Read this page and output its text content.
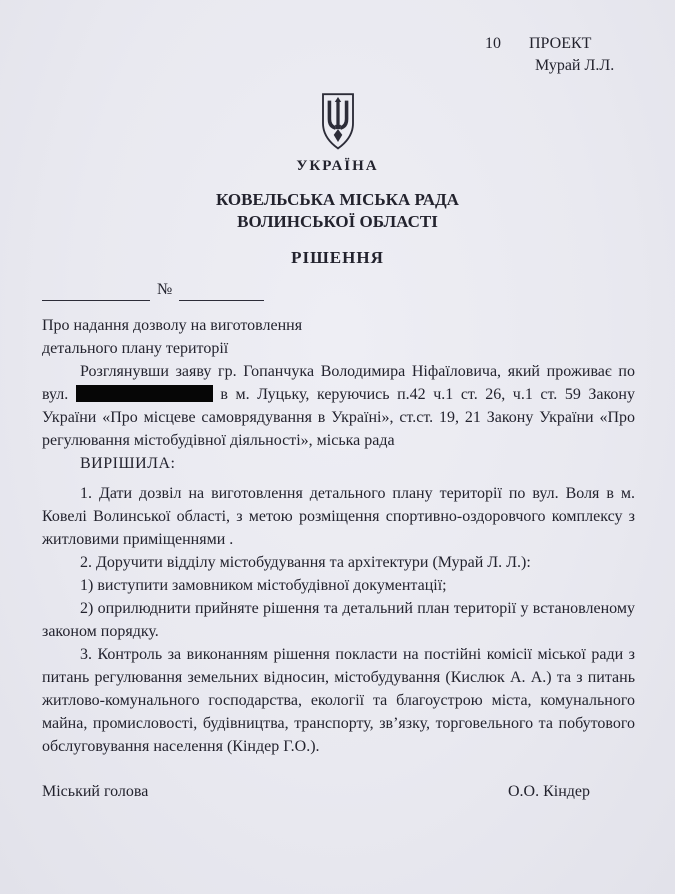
10 ПРОЕКТ
Мурай Л.Л.
УКРАЇНА
КОВЕЛЬСЬКА МІСЬКА РАДА
ВОЛИНСЬКОЇ ОБЛАСТІ
РІШЕННЯ
№
Про надання дозволу на виготовлення
детального плану території

Розглянувши заяву гр. Гопанчука Володимира Ніфаїловича, який проживає по вул.	в м. Луцьку, керуючись п.42 ч.1 ст. 26, ч.1 ст. 59 Закону України «Про місцеве самоврядування в Україні», ст.ст. 19, 21 Закону України «Про регулювання містобудівної діяльності», міська рада

ВИРІШИЛА:

1. Дати дозвіл на виготовлення детального плану території по вул. Воля в м. Ковелі Волинської області, з метою розміщення спортивно-оздоровчого комплексу з житловими приміщеннями .

2. Доручити відділу містобудування та архітектури (Мурай Л. Л.):

1) виступити замовником містобудівної документації;

2) оприлюднити прийняте рішення та детальний план території у встановленому законом порядку.

3. Контроль за виконанням рішення покласти на постійні комісії міської ради з питань регулювання земельних відносин, містобудування (Кислюк А. А.) та з питань житлово-комунального господарства, екології та благоустрою міста, комунального майна, промисловості, будівництва, транспорту, зв’язку, торговельного та побутового обслуговування населення (Кіндер Г.О.).

Міський голова	О.О. Кіндер
